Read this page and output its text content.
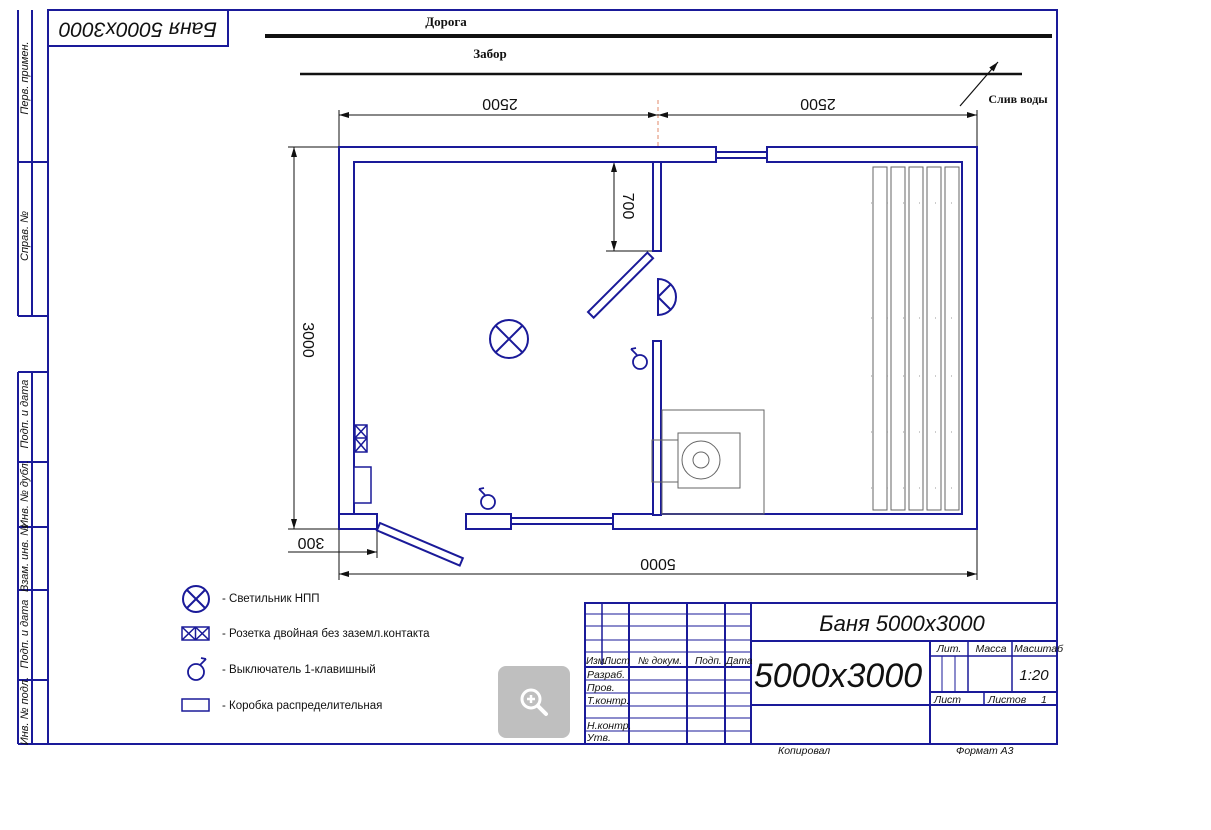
Баня 5000х3000
Перв. примен.
Справ. №
Подп. и дата
Инв. № дубл.
Взам. инв. №
Подп. и дата
Инв. № подл.
Дорога
Забор
Слив воды
2500	2500
3000
700
300
5000
- Светильник НПП
- Розетка двойная без заземл.контакта
- Выключатель 1-клавишный
- Коробка распределительная
Баня 5000х3000
5000х3000
Изм.
Лист № докум. Подп. Дата
Разраб.
Пров.
Т.контр.
Н.контр.
Утв.
Лит. Масса Масштаб
1:20
Лист	Листов 1
Копировал	Формат А3
